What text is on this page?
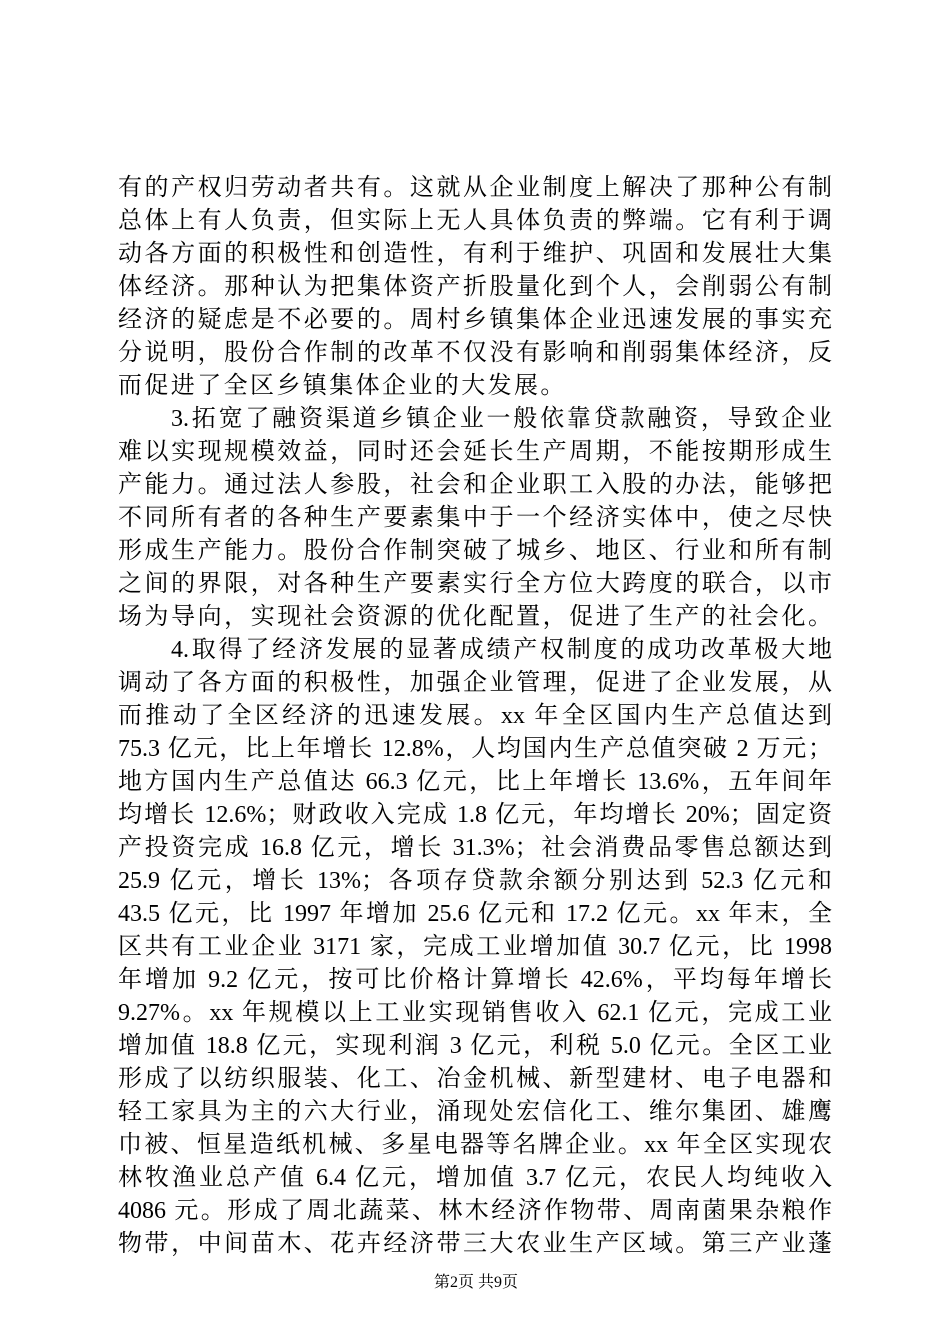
有的产权归劳动者共有。这就从企业制度上解决了那种公有制
总体上有人负责，但实际上无人具体负责的弊端。它有利于调
动各方面的积极性和创造性，有利于维护、巩固和发展壮大集
体经济。那种认为把集体资产折股量化到个人，会削弱公有制
经济的疑虑是不必要的。周村乡镇集体企业迅速发展的事实充
分说明，股份合作制的改革不仅没有影响和削弱集体经济，反
而促进了全区乡镇集体企业的大发展。
3.拓宽了融资渠道乡镇企业一般依靠贷款融资，导致企业
难以实现规模效益，同时还会延长生产周期，不能按期形成生
产能力。通过法人参股，社会和企业职工入股的办法，能够把
不同所有者的各种生产要素集中于一个经济实体中，使之尽快
形成生产能力。股份合作制突破了城乡、地区、行业和所有制
之间的界限，对各种生产要素实行全方位大跨度的联合，以市
场为导向，实现社会资源的优化配置，促进了生产的社会化。
4.取得了经济发展的显著成绩产权制度的成功改革极大地
调动了各方面的积极性，加强企业管理，促进了企业发展，从
而推动了全区经济的迅速发展。xx 年全区国内生产总值达到
75.3 亿元，比上年增长 12.8%，人均国内生产总值突破 2 万元；
地方国内生产总值达 66.3 亿元，比上年增长 13.6%，五年间年
均增长 12.6%；财政收入完成 1.8 亿元，年均增长 20%；固定资
产投资完成 16.8 亿元，增长 31.3%；社会消费品零售总额达到
25.9 亿元，增长 13%；各项存贷款余额分别达到 52.3 亿元和
43.5 亿元，比 1997 年增加 25.6 亿元和 17.2 亿元。xx 年末，全
区共有工业企业 3171 家，完成工业增加值 30.7 亿元，比 1998
年增加 9.2 亿元，按可比价格计算增长 42.6%，平均每年增长
9.27%。xx 年规模以上工业实现销售收入 62.1 亿元，完成工业
增加值 18.8 亿元，实现利润 3 亿元，利税 5.0 亿元。全区工业
形成了以纺织服装、化工、冶金机械、新型建材、电子电器和
轻工家具为主的六大行业，涌现处宏信化工、维尔集团、雄鹰
巾被、恒星造纸机械、多星电器等名牌企业。xx 年全区实现农
林牧渔业总产值 6.4 亿元，增加值 3.7 亿元，农民人均纯收入
4086 元。形成了周北蔬菜、林木经济作物带、周南菌果杂粮作
物带，中间苗木、花卉经济带三大农业生产区域。第三产业蓬
第2页 共9页
